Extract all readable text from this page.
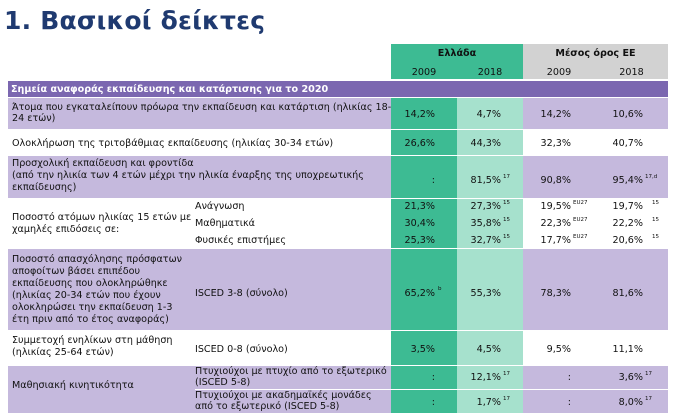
1. Βασικοί δείκτες
Ελλάδα	Μέσος όρος ΕΕ
2009	2018	2009	2018
Σημεία αναφοράς εκπαίδευσης και κατάρτισης για το 2020
Άτομα που εγκαταλείπουν πρόωρα την εκπαίδευση και κατάρτιση (ηλικίας 18-
24 ετών)	14,2%	4,7%	14,2%	10,6%
Ολοκλήρωση της τριτοβάθμιας εκπαίδευσης (ηλικίας 30-34 ετών)	26,6%	44,3%	32,3%	40,7%
Προσχολική εκπαίδευση και φροντίδα
(από την ηλικία των 4 ετών μέχρι την ηλικία έναρξης της υποχρεωτικής
εκπαίδευσης)
:	81,5% 17	90,8%	95,4% 17,d
Ποσοστό ατόμων ηλικίας 15 ετών με
χαμηλές επιδόσεις σε:
Ανάγνωση	21,3%	27,3% 15	19,5% EU27	19,7% 15
Μαθηματικά	30,4%	35,8% 15	22,3% EU27	22,2% 15
Φυσικές επιστήμες	25,3%	32,7% 15	17,7% EU27	20,6% 15
Ποσοστό απασχόλησης πρόσφατων
αποφοίτων βάσει επιπέδου
εκπαίδευσης που ολοκληρώθηκε
(ηλικίας 20-34 ετών που έχουν
ολοκληρώσει την εκπαίδευση 1-3
έτη πριν από το έτος αναφοράς)
ISCED 3-8 (σύνολο)	65,2% b	55,3%	78,3%	81,6%
Συμμετοχή ενηλίκων στη μάθηση
(ηλικίας 25-64 ετών)	ISCED 0-8 (σύνολο)	3,5%	4,5%	9,5%	11,1%
Μαθησιακή κινητικότητα
Πτυχιούχοι με πτυχίο από το εξωτερικό
(ISCED 5-8)	:	12,1% 17	:	3,6% 17
Πτυχιούχοι με ακαδημαϊκές μονάδες
από το εξωτερικό (ISCED 5-8)	:	1,7% 17	:	8,0% 17
